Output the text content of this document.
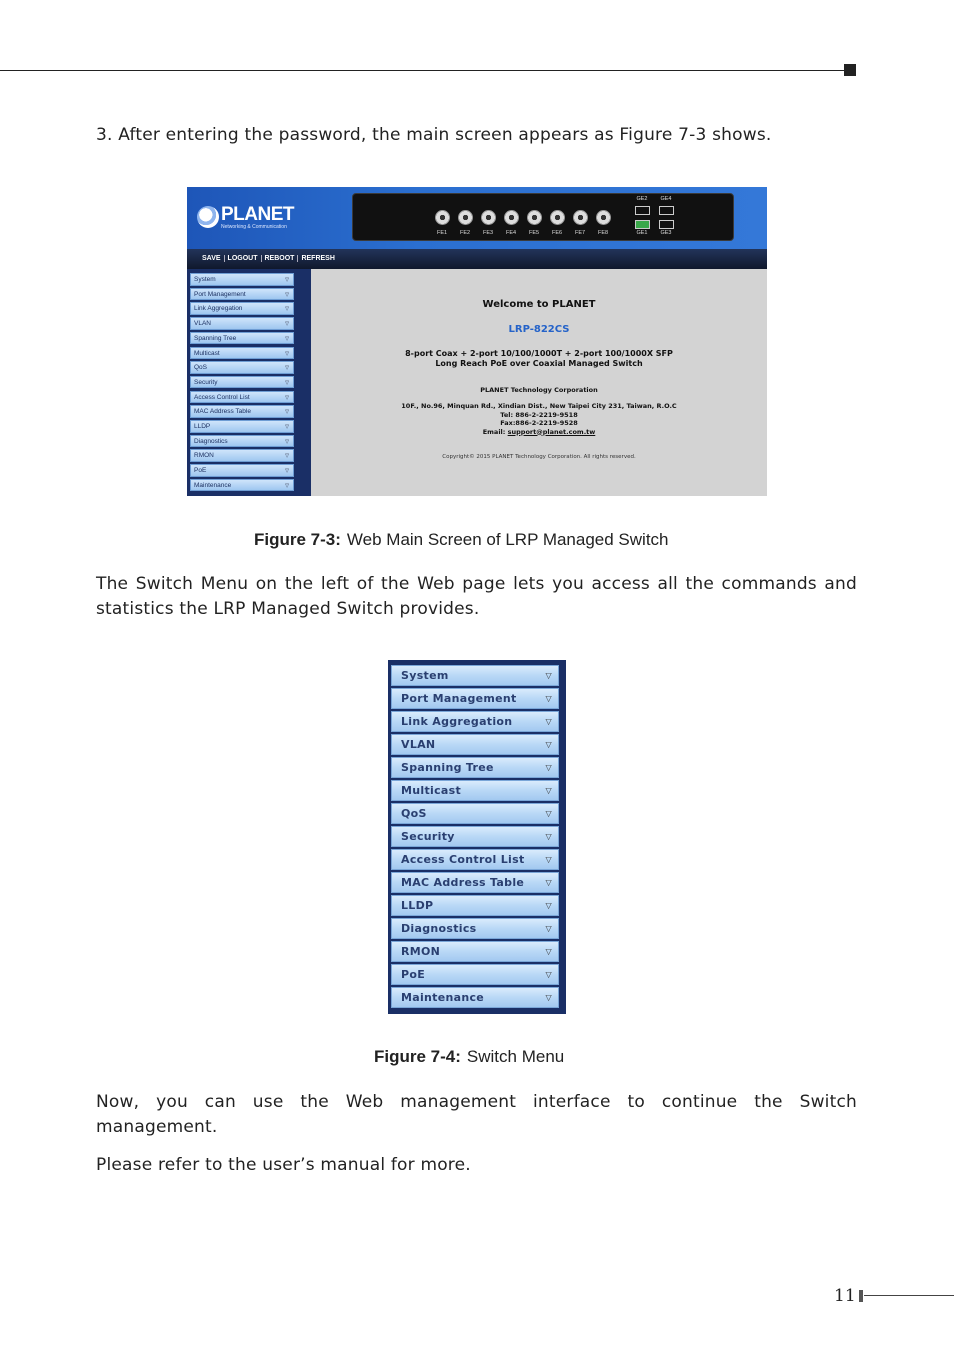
3. After entering the password, the main screen appears as Figure 7-3 shows.
PLANET
Networking & Communication
FE1	FE2	FE3	FE4	FE5	FE6	FE7	FE8
GE2	GE4
GE1	GE3
SAVE LOGOUT REBOOT REFRESH
System	▽
Port Management	▽
Link Aggregation	▽
VLAN	▽
Spanning Tree	▽
Multicast	▽
QoS	▽
Security	▽
Access Control List	▽
MAC Address Table	▽
LLDP	▽
Diagnostics	▽
RMON	▽
PoE	▽
Maintenance	▽
Welcome to PLANET
LRP-822CS
8-port Coax + 2-port 10/100/1000T + 2-port 100/1000X SFP
Long Reach PoE over Coaxial Managed Switch
PLANET Technology Corporation
10F., No.96, Minquan Rd., Xindian Dist., New Taipei City 231, Taiwan, R.O.C
Tel: 886-2-2219-9518
Fax:886-2-2219-9528
Email: support@planet.com.tw
Copyright© 2015 PLANET Technology Corporation. All rights reserved.
Figure 7-3: Web Main Screen of LRP Managed Switch
The Switch Menu on the left of the Web page lets you access all the commands and statistics the LRP Managed Switch provides.
System	▽
Port Management	▽
Link Aggregation	▽
VLAN	▽
Spanning Tree	▽
Multicast	▽
QoS	▽
Security	▽
Access Control List	▽
MAC Address Table	▽
LLDP	▽
Diagnostics	▽
RMON	▽
PoE	▽
Maintenance	▽
Figure 7-4: Switch Menu
Now, you can use the Web management interface to continue the Switch management.
Please refer to the user’s manual for more.
11
